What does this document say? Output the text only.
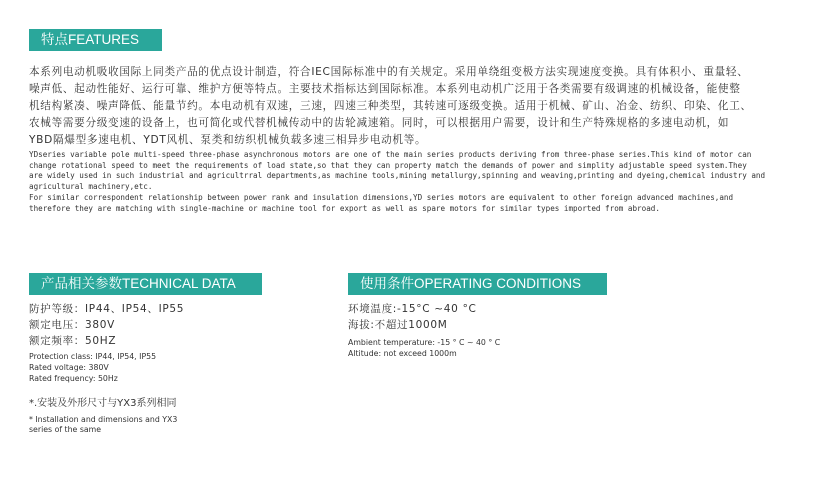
特点FEATURES

本系列电动机吸收国际上同类产品的优点设计制造，符合IEC国际标准中的有关规定。采用单绕组变极方法实现速度变换。具有体积小、重量轻、
噪声低、起动性能好、运行可靠、维护方便等特点。主要技术指标达到国际标准。本系列电动机广泛用于各类需要有级调速的机械设备，能使整
机结构紧凑、噪声降低、能量节约。本电动机有双速，三速，四速三种类型，其转速可逐级变换。适用于机械、矿山、冶金、纺织、印染、化工、
农械等需要分级变速的设备上，也可简化或代替机械传动中的齿轮减速箱。同时，可以根据用户需要，设计和生产特殊规格的多速电动机，如
YBD隔爆型多速电机、YDT风机、泵类和纺织机械负载多速三相异步电动机等。

YDseries variable pole multi-speed three-phase asynchronous motors are one of the main series products deriving from three-phase series.This kind of motor can
change rotational speed to meet the requirements of load state,so that they can property match the demands of power and simplity adjustable speed system.They
are widely used in such industrial and agricultrral departments,as machine tools,mining metallurgy,spinning and weaving,printing and dyeing,chemical industry and
agricultural machinery,etc.

For similar correspondent relationship between power rank and insulation dimensions,YD series motors are equivalent to other foreign advanced machines,and
therefore they are matching with single-machine or machine tool for export as well as spare motors for similar types imported from abroad.

产品相关参数TECHNICAL DATA

防护等级：IP44、IP54、IP55

额定电压：380V

额定频率：50HZ

Protection class: IP44, IP54, IP55

Rated voltage: 380V

Rated frequency: 50Hz

*.安装及外形尺寸与YX3系列相同

* Installation and dimensions and YX3
series of the same

使用条件OPERATING CONDITIONS

环境温度:-15°C ~40 °C

海拔:不超过1000M

Ambient temperature: -15 ° C ~ 40 ° C

Altitude: not exceed 1000m
